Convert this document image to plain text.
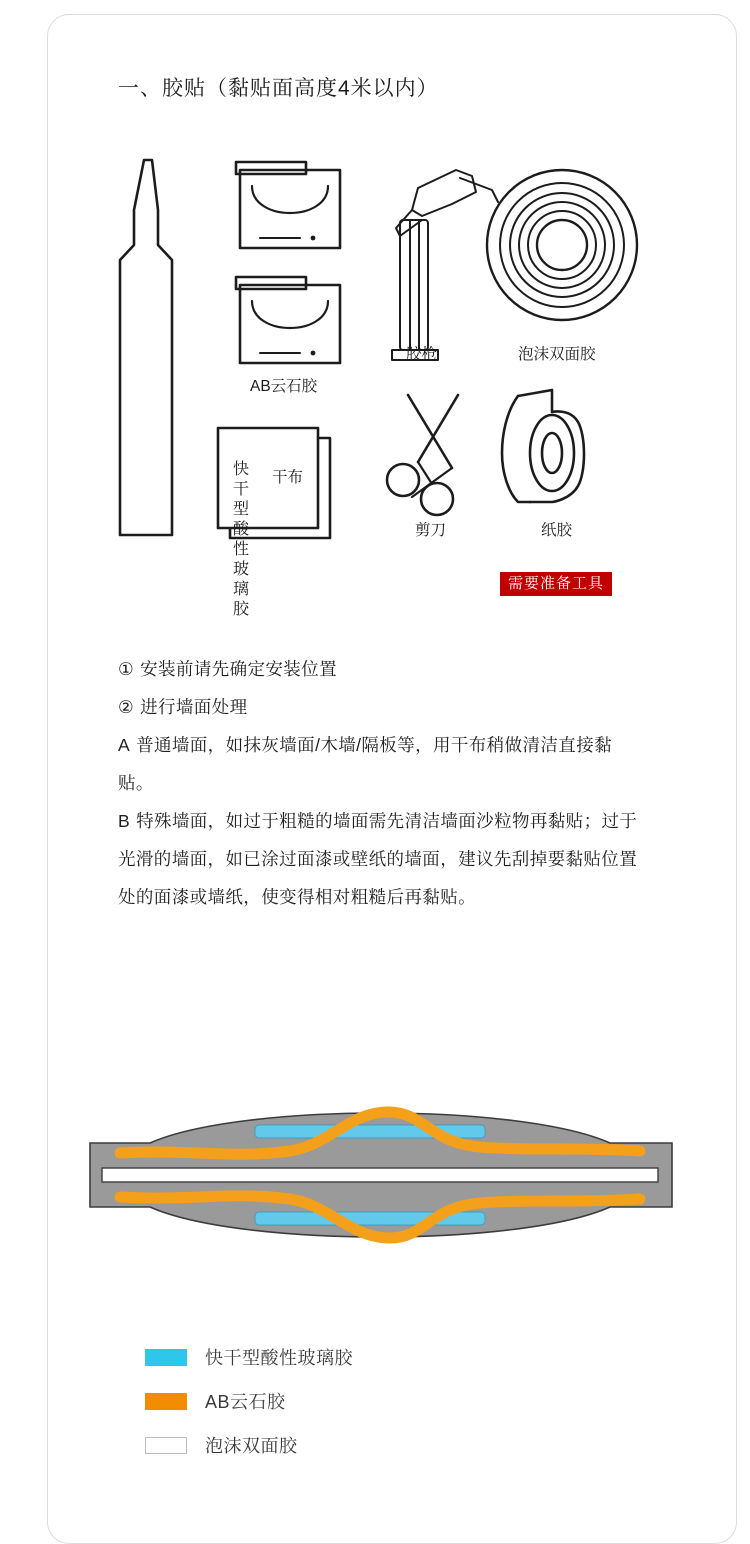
一、胶贴（黏贴面高度4米以内）
快干型酸性玻璃胶
AB云石胶
胶枪	泡沫双面胶
干布
剪刀	纸胶
需要准备工具

① 安装前请先确定安装位置

② 进行墙面处理

A 普通墙面，如抹灰墙面/木墙/隔板等，用干布稍做清洁直接黏贴。

B 特殊墙面，如过于粗糙的墙面需先清洁墙面沙粒物再黏贴；过于光滑的墙面，如已涂过面漆或壁纸的墙面，建议先刮掉要黏贴位置处的面漆或墙纸，使变得相对粗糙后再黏贴。

快干型酸性玻璃胶
AB云石胶
泡沫双面胶
